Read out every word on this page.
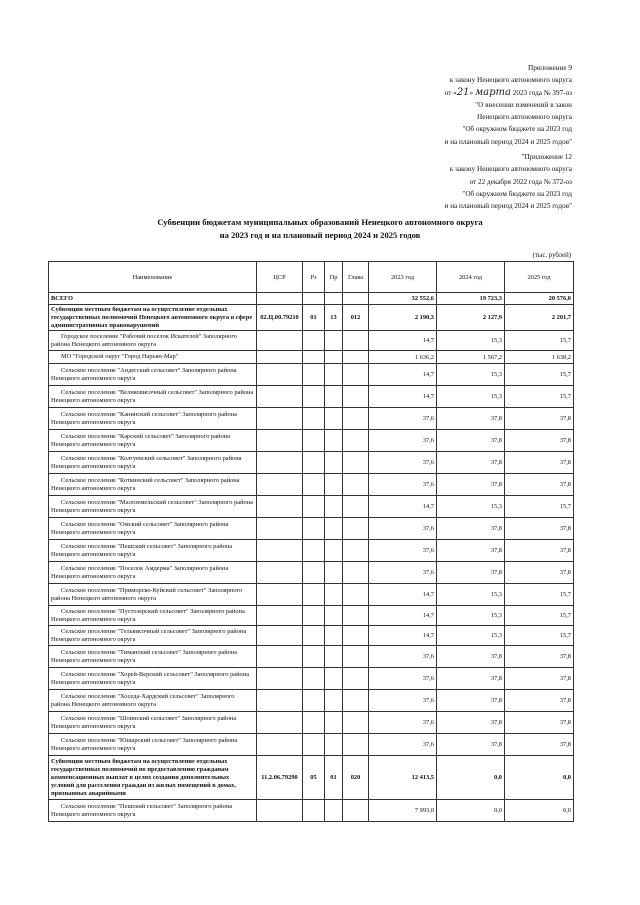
Приложение 9
к закону Ненецкого автономного округа
от «21» марта 2023 года № 397-оз
"О внесении изменений в закон
Ненецкого автономного округа
"Об окружном бюджете на 2023 год
и на плановый период 2024 и 2025 годов"
"Приложение 12
к закону Ненецкого автономного округа
от 22 декабря 2022 года № 372-оз
"Об окружном бюджете на 2023 год
и на плановый период 2024 и 2025 годов"
Субвенции бюджетам муниципальных образований Ненецкого автономного округа
на 2023 год и на плановый период 2024 и 2025 годов
(тыс. рублей)
Наименование	ЦСР	Рз	Пр	Глава	2023 год	2024 год	2025 год
ВСЕГО					32 552,6	19 723,3	20 576,0
Субвенции местным бюджетам на осуществление отдельных государственных полномочий Ненецкого автономного округа в сфере административных правонарушений	02.Ц.00.79210	01	13	012	2 190,3	2 127,9	2 201,7
Городское поселение "Рабочий поселок Искателей" Заполярного района Ненецкого автономного округа					14,7	15,3	15,7
МО "Городской округ "Город Нарьян-Мар"					1 636,2	1 567,2	1 638,2
Сельское поселение "Андегский сельсовет" Заполярного района Ненецкого автономного округа					14,7	15,3	15,7
Сельское поселение "Великовисочный сельсовет" Заполярного района Ненецкого автономного округа					14,7	15,3	15,7
Сельское поселение "Канинский сельсовет" Заполярного района Ненецкого автономного округа					37,6	37,8	37,8
Сельское поселение "Карский сельсовет" Заполярного района Ненецкого автономного округа					37,6	37,8	37,8
Сельское поселение "Колгуевский сельсовет" Заполярного района Ненецкого автономного округа					37,6	37,8	37,8
Сельское поселение "Коткинский сельсовет" Заполярного района Ненецкого автономного округа					37,6	37,8	37,8
Сельское поселение "Малоземельский сельсовет" Заполярного района Ненецкого автономного округа					14,7	15,3	15,7
Сельское поселение "Омский сельсовет" Заполярного района Ненецкого автономного округа					37,6	37,8	37,8
Сельское поселение "Пешский сельсовет" Заполярного района Ненецкого автономного округа					37,6	37,8	37,8
Сельское поселение "Поселок Амдерма" Заполярного района Ненецкого автономного округа					37,6	37,8	37,8
Сельское поселение "Приморско-Куйский сельсовет" Заполярного района Ненецкого автономного округа					14,7	15,3	15,7
Сельское поселение "Пустозерский сельсовет" Заполярного района Ненецкого автономного округа					14,7	15,3	15,7
Сельское поселение "Тельвисочный сельсовет" Заполярного района Ненецкого автономного округа					14,7	15,3	15,7
Сельское поселение "Тиманский сельсовет" Заполярного района Ненецкого автономного округа					37,6	37,8	37,8
Сельское поселение "Хорей-Верский сельсовет" Заполярного района Ненецкого автономного округа					37,6	37,8	37,8
Сельское поселение "Хоседа-Хардский сельсовет" Заполярного района Ненецкого автономного округа					37,6	37,8	37,8
Сельское поселение "Шоинский сельсовет" Заполярного района Ненецкого автономного округа					37,6	37,8	37,8
Сельское поселение "Юшарский сельсовет" Заполярного района Ненецкого автономного округа					37,6	37,8	37,8
Субвенции местным бюджетам на осуществление отдельных государственных полномочий по предоставлению гражданам компенсационных выплат в целях создания дополнительных условий для расселения граждан из жилых помещений в домах, признанных аварийными	11.2.06.79290	05	01	020	12 413,5	0,0	0,0
Сельское поселение "Пешский сельсовет" Заполярного района Ненецкого автономного округа					7 993,0	0,0	0,0
